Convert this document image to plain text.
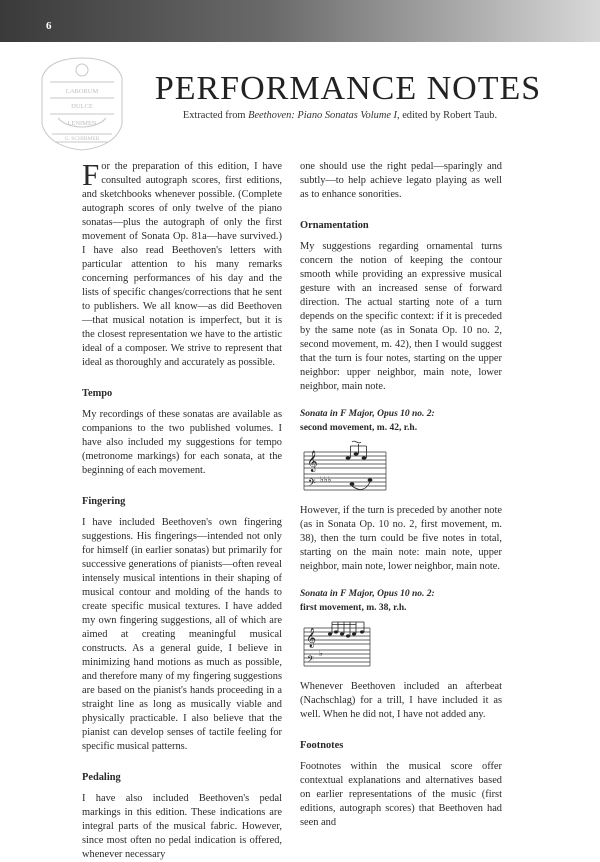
6
LABORUM
DULCE
LENIMEN
G. SCHIRMER
PERFORMANCE NOTES
Extracted from Beethoven: Piano Sonatas Volume I, edited by Robert Taub.

For the preparation of this edition, I have consulted autograph scores, first editions, and sketchbooks whenever possible. (Complete autograph scores of only twelve of the piano sonatas—plus the autograph of only the first movement of Sonata Op. 81a—have survived.) I have also read Beethoven's letters with particular attention to his many remarks concerning performances of his day and the lists of specific changes/corrections that he sent to publishers. We all know—as did Beethoven—that musical notation is imperfect, but it is the closest representation we have to the artistic ideal of a composer. We strive to represent that ideal as thoroughly and accurately as possible.

Tempo

My recordings of these sonatas are available as companions to the two published volumes. I have also included my suggestions for tempo (metronome markings) for each sonata, at the beginning of each movement.

Fingering

I have included Beethoven's own fingering suggestions. His fingerings—intended not only for himself (in earlier sonatas) but primarily for successive generations of pianists—often reveal intensely musical intentions in their shaping of musical contour and molding of the hands to create specific musical textures. I have added my own fingering suggestions, all of which are aimed at creating meaningful musical constructs. As a general guide, I believe in minimizing hand motions as much as possible, and therefore many of my fingering suggestions are based on the pianist's hands proceeding in a straight line as long as musically viable and physically practicable. I also believe that the pianist can develop senses of tactile feeling for specific musical patterns.

Pedaling

I have also included Beethoven's pedal markings in this edition. These indications are integral parts of the musical fabric. However, since most often no pedal indication is offered, whenever necessary

one should use the right pedal—sparingly and subtly—to help achieve legato playing as well as to enhance sonorities.

Ornamentation

My suggestions regarding ornamental turns concern the notion of keeping the contour smooth while providing an expressive musical gesture with an increased sense of forward direction. The actual starting note of a turn depends on the specific context: if it is preceded by the same note (as in Sonata Op. 10 no. 2, second movement, m. 42), then I would suggest that the turn is four notes, starting on the upper neighbor: upper neighbor, main note, lower neighbor, main note.

Sonata in F Major, Opus 10 no. 2:
second movement, m. 42, r.h.
𝄞
𝄢 ♭♭♭

However, if the turn is preceded by another note (as in Sonata Op. 10 no. 2, first movement, m. 38), then the turn could be five notes in total, starting on the main note: main note, upper neighbor, main note, lower neighbor, main note.

Sonata in F Major, Opus 10 no. 2:
first movement, m. 38, r.h.
𝄞
𝄢
♭

Whenever Beethoven included an afterbeat (Nachschlag) for a trill, I have included it as well. When he did not, I have not added any.

Footnotes

Footnotes within the musical score offer contextual explanations and alternatives based on earlier representations of the music (first editions, autograph scores) that Beethoven had seen and
